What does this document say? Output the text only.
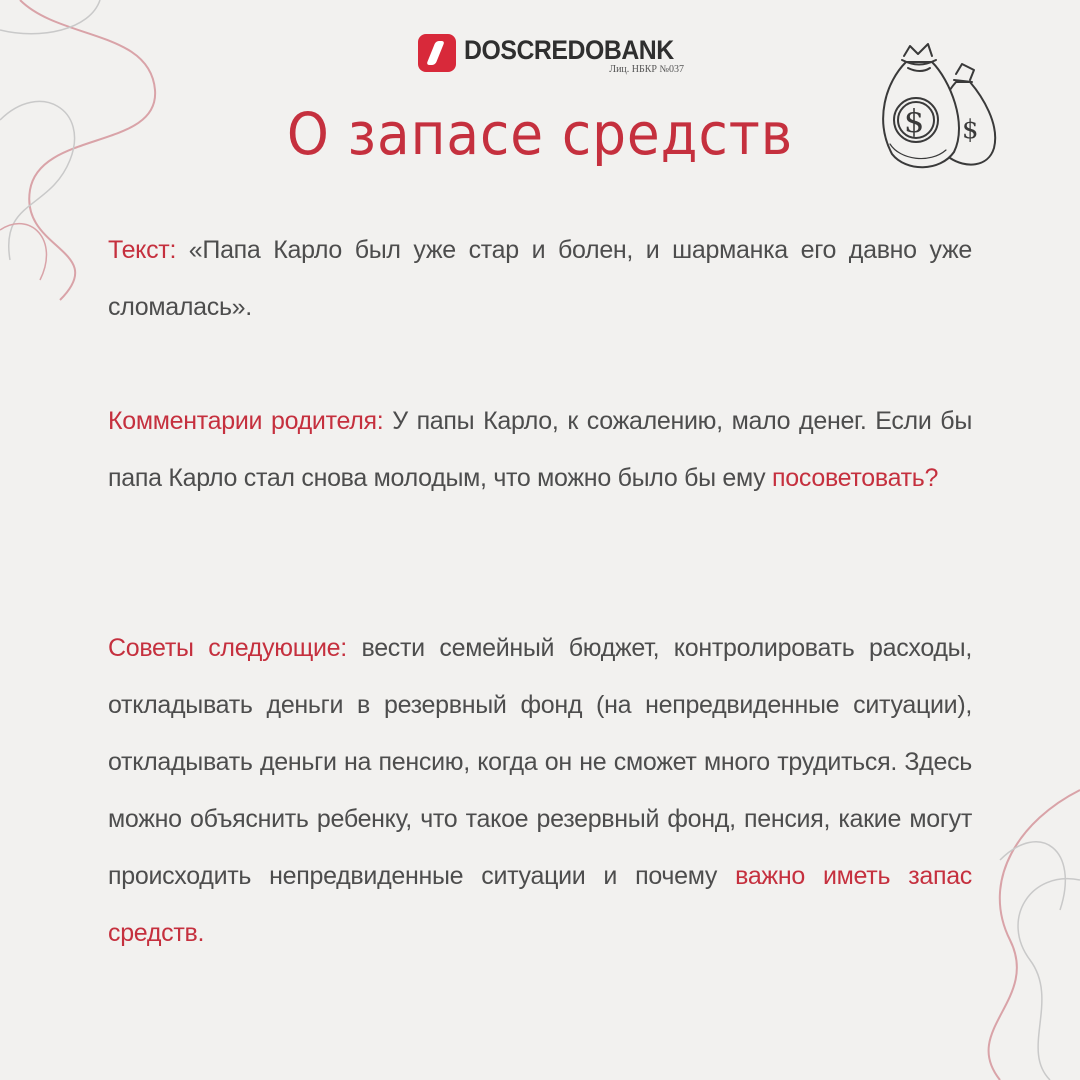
DOSCREDOBANK
Лиц. НБКР №037
$
$
О запасе средств
Текст: «Папа Карло был уже стар и болен, и шарманка его давно уже сломалась».
Комментарии родителя: У папы Карло, к сожалению, мало денег. Если бы папа Карло стал снова молодым, что можно было бы ему посоветовать?
Советы следующие: вести семейный бюджет, контролировать расходы, откладывать деньги в резервный фонд (на непредвиденные ситуации), откладывать деньги на пенсию, когда он не сможет много трудиться. Здесь можно объяснить ребенку, что такое резервный фонд, пенсия, какие могут происходить непредвиденные ситуации и почему важно иметь запас средств.
